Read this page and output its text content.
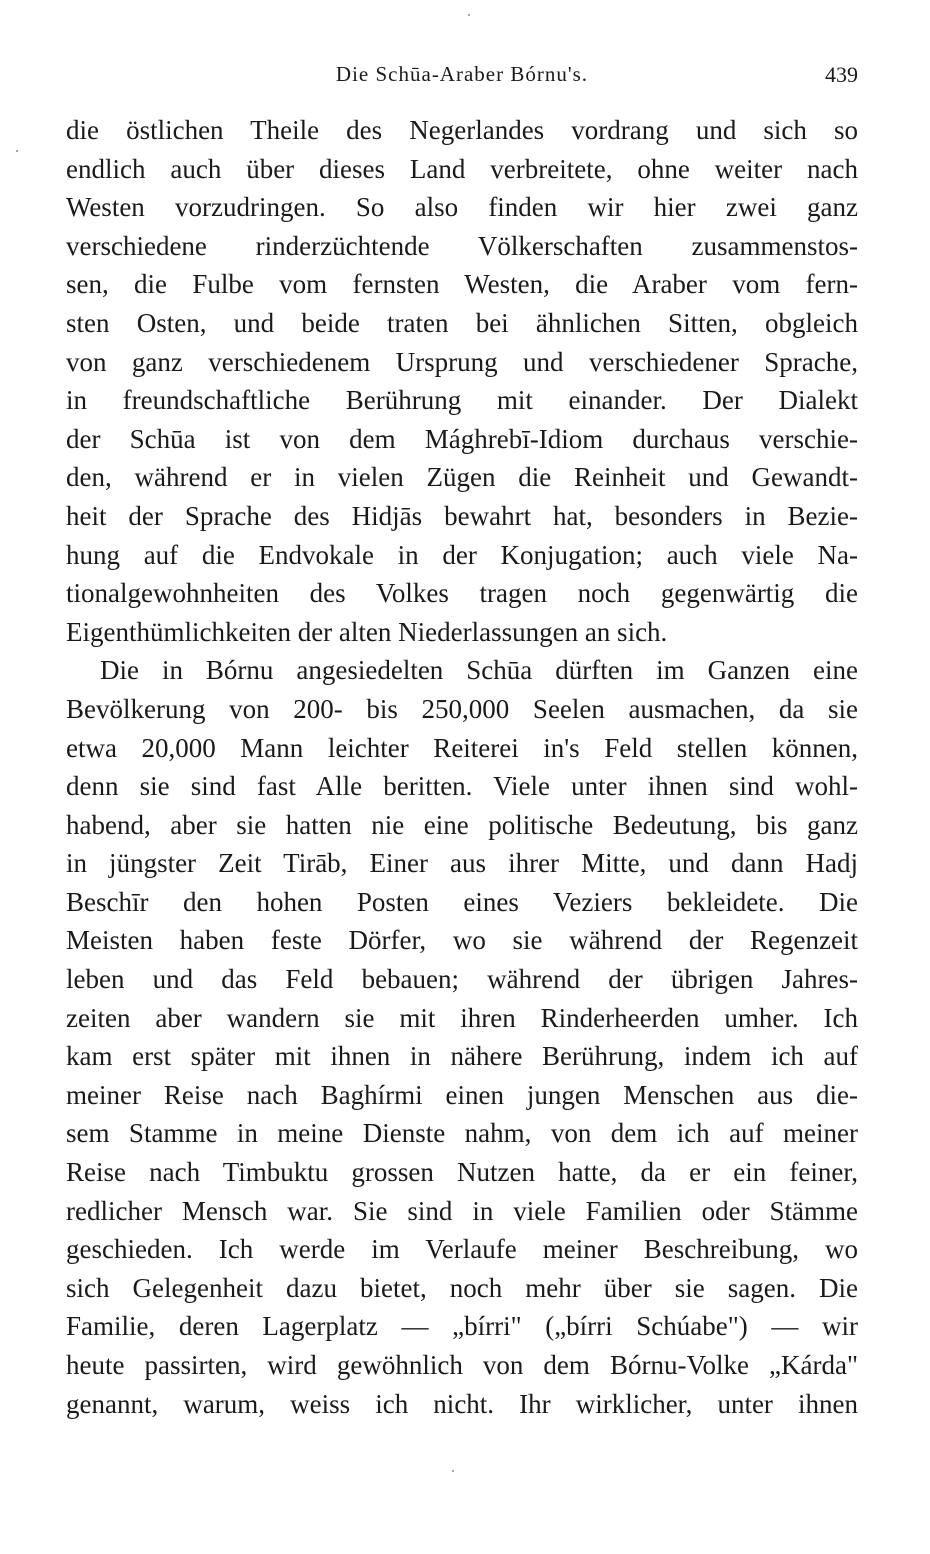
Die Schūa-Araber Bórnu's.	439
die östlichen Theile des Negerlandes vordrang und sich so
endlich auch über dieses Land verbreitete, ohne weiter nach
Westen vorzudringen. So also finden wir hier zwei ganz
verschiedene rinderzüchtende Völkerschaften zusammenstos-
sen, die Fulbe vom fernsten Westen, die Araber vom fern-
sten Osten, und beide traten bei ähnlichen Sitten, obgleich
von ganz verschiedenem Ursprung und verschiedener Sprache,
in freundschaftliche Berührung mit einander. Der Dialekt
der Schūa ist von dem Mághrebī-Idiom durchaus verschie-
den, während er in vielen Zügen die Reinheit und Gewandt-
heit der Sprache des Hidjās bewahrt hat, besonders in Bezie-
hung auf die Endvokale in der Konjugation; auch viele Na-
tionalgewohnheiten des Volkes tragen noch gegenwärtig die
Eigenthümlichkeiten der alten Niederlassungen an sich.
Die in Bórnu angesiedelten Schūa dürften im Ganzen eine
Bevölkerung von 200- bis 250,000 Seelen ausmachen, da sie
etwa 20,000 Mann leichter Reiterei in's Feld stellen können,
denn sie sind fast Alle beritten. Viele unter ihnen sind wohl-
habend, aber sie hatten nie eine politische Bedeutung, bis ganz
in jüngster Zeit Tirāb, Einer aus ihrer Mitte, und dann Hadj
Beschīr den hohen Posten eines Veziers bekleidete. Die
Meisten haben feste Dörfer, wo sie während der Regenzeit
leben und das Feld bebauen; während der übrigen Jahres-
zeiten aber wandern sie mit ihren Rinderheerden umher. Ich
kam erst später mit ihnen in nähere Berührung, indem ich auf
meiner Reise nach Baghírmi einen jungen Menschen aus die-
sem Stamme in meine Dienste nahm, von dem ich auf meiner
Reise nach Timbuktu grossen Nutzen hatte, da er ein feiner,
redlicher Mensch war. Sie sind in viele Familien oder Stämme
geschieden. Ich werde im Verlaufe meiner Beschreibung, wo
sich Gelegenheit dazu bietet, noch mehr über sie sagen. Die
Familie, deren Lagerplatz — „bírri" („bírri Schúabe") — wir
heute passirten, wird gewöhnlich von dem Bórnu-Volke „Kárda"
genannt, warum, weiss ich nicht. Ihr wirklicher, unter ihnen
